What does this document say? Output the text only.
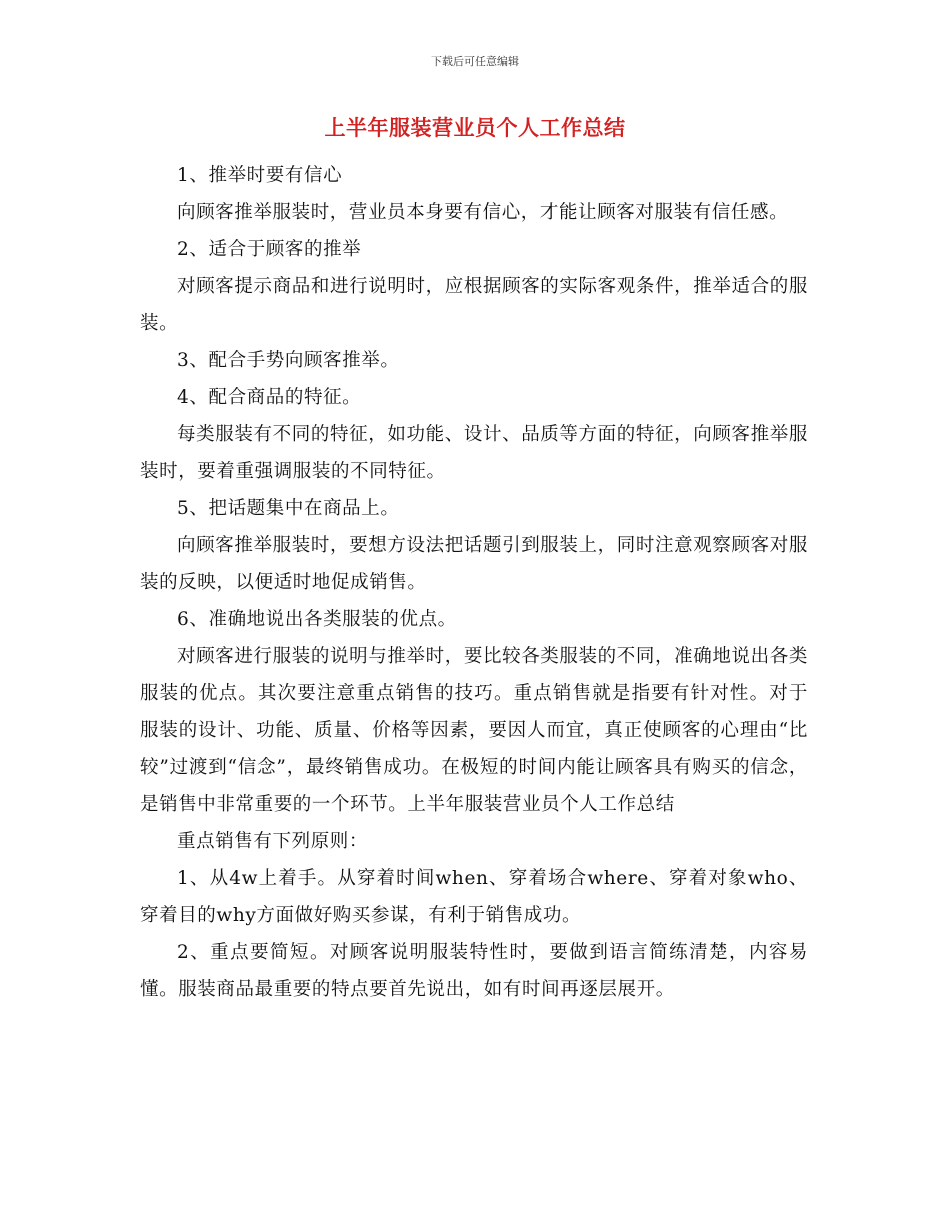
下载后可任意编辑
上半年服装营业员个人工作总结

1、推举时要有信心

向顾客推举服装时，营业员本身要有信心，才能让顾客对服装有信任感。

2、适合于顾客的推举

对顾客提示商品和进行说明时，应根据顾客的实际客观条件，推举适合的服装。

3、配合手势向顾客推举。

4、配合商品的特征。

每类服装有不同的特征，如功能、设计、品质等方面的特征，向顾客推举服装时，要着重强调服装的不同特征。

5、把话题集中在商品上。

向顾客推举服装时，要想方设法把话题引到服装上，同时注意观察顾客对服装的反映，以便适时地促成销售。

6、准确地说出各类服装的优点。

对顾客进行服装的说明与推举时，要比较各类服装的不同，准确地说出各类服装的优点。其次要注意重点销售的技巧。重点销售就是指要有针对性。对于服装的设计、功能、质量、价格等因素，要因人而宜，真正使顾客的心理由“比较”过渡到“信念”，最终销售成功。在极短的时间内能让顾客具有购买的信念，是销售中非常重要的一个环节。上半年服装营业员个人工作总结

重点销售有下列原则：

1、从4w上着手。从穿着时间when、穿着场合where、穿着对象who、穿着目的why方面做好购买参谋，有利于销售成功。

2、重点要简短。对顾客说明服装特性时，要做到语言简练清楚，内容易懂。服装商品最重要的特点要首先说出，如有时间再逐层展开。
